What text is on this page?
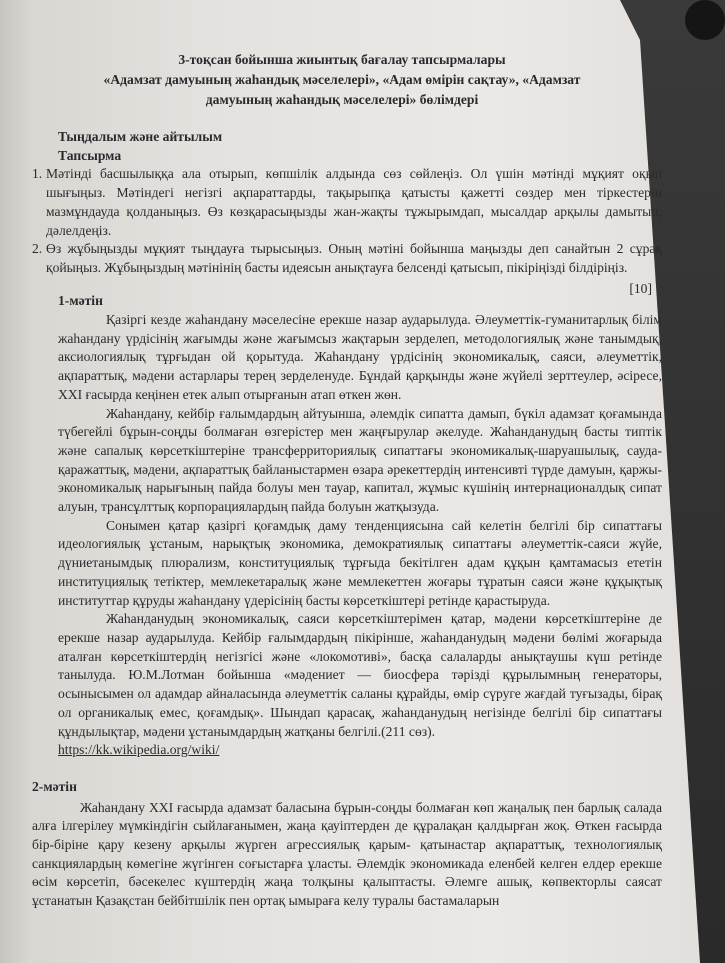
3-тоқсан бойынша жиынтық бағалау тапсырмалары

«Адамзат дамуының жаһандық мәселелері», «Адам өмірін сақтау», «Адамзат

дамуының жаһандық мәселелері» бөлімдері

Тыңдалым және айтылым

Тапсырма

1. Мәтінді басшылыққа ала отырып, көпшілік алдында сөз сөйлеңіз. Ол үшін мәтінді мұқият оқып шығыңыз. Мәтіндегі негізгі ақпараттарды, тақырыпқа қатысты қажетті сөздер мен тіркестерін мазмұндауда қолданыңыз. Өз көзқарасыңызды жан-жақты тұжырымдап, мысалдар арқылы дамытып, дәлелдеңіз.

2. Өз жұбыңызды мұқият тыңдауға тырысыңыз. Оның мәтіні бойынша маңызды деп санайтын 2 сұрақ қойыңыз. Жұбыңыздың мәтінінің басты идеясын анықтауға белсенді қатысып, пікіріңізді білдіріңіз.

[10]

1-мәтін

Қазіргі кезде жаһандану мәселесіне ерекше назар аударылуда. Әлеуметтік-гуманитарлық білім жаһандану үрдісінің жағымды және жағымсыз жақтарын зерделеп, методологиялық және танымдық, аксиологиялық тұрғыдан ой қорытуда. Жаһандану үрдісінің экономикалық, саяси, әлеуметтік, ақпараттық, мәдени астарлары терең зерделенуде. Бұндай қарқынды және жүйелі зерттеулер, әсіресе, XXI ғасырда кеңінен етек алып отырғанын атап өткен жөн.

Жаһандану, кейбір ғалымдардың айтуынша, әлемдік сипатта дамып, бүкіл адамзат қоғамында түбегейлі бұрын-соңды болмаған өзгерістер мен жаңғырулар әкелуде. Жаһанданудың басты типтік және сапалық көрсеткіштеріне трансферриториялық сипаттағы экономикалық-шаруашылық, сауда-қаражаттық, мәдени, ақпараттық байланыстармен өзара әрекеттердің интенсивті түрде дамуын, қаржы-экономикалық нарығының пайда болуы мен тауар, капитал, жұмыс күшінің интернационалдық сипат алуын, трансұлттық корпорациялардың пайда болуын жатқызуда.

Сонымен қатар қазіргі қоғамдық даму тенденциясына сай келетін белгілі бір сипаттағы идеологиялық ұстаным, нарықтық экономика, демократиялық сипаттағы әлеуметтік-саяси жүйе, дүниетанымдық плюрализм, конституциялық тұрғыда бекітілген адам құқын қамтамасыз ететін институциялық тетіктер, мемлекетаралық және мемлекеттен жоғары тұратын саяси және құқықтық институттар құруды жаһандану үдерісінің басты көрсеткіштері ретінде қарастыруда.

Жаһанданудың экономикалық, саяси көрсеткіштерімен қатар, мәдени көрсеткіштеріне де ерекше назар аударылуда. Кейбір ғалымдардың пікірінше, жаһанданудың мәдени бөлімі жоғарыда аталған көрсеткіштердің негізгісі және «локомотиві», басқа салаларды анықтаушы күш ретінде танылуда. Ю.М.Лотман бойынша «мәдениет — биосфера тәрізді құрылымның генераторы, осыныcымен ол адамдар айналасында әлеуметтік саланы құрайды, өмір сүруге жағдай туғызады, бірақ ол органикалық емес, қоғамдық». Шындап қарасақ, жаһанданудың негізінде белгілі бір сипаттағы құндылықтар, мәдени ұстанымдардың жатқаны белгілі.(211 сөз).

https://kk.wikipedia.org/wiki/

2-мәтін

Жаһандану XXI ғасырда адамзат баласына бұрын-соңды болмаған көп жаңалық пен барлық салада алға ілгерілеу мүмкіндігін сыйлағанымен, жаңа қауіптерден де құралақан қалдырған жоқ. Өткен ғасырда бір-біріне қару кезену арқылы жүрген агрессиялық қарым- қатынастар ақпараттық, технологиялық санкциялардың көмегіне жүгінген соғыстарға ұласты. Әлемдік экономикада еленбей келген елдер ерекше өсім көрсетіп, бәсекелес күштердің жаңа толқыны қалыптасты. Әлемге ашық, көпвекторлы саясат ұстанатын Қазақстан бейбітшілік пен ортақ ымыраға келу туралы бастамаларын
